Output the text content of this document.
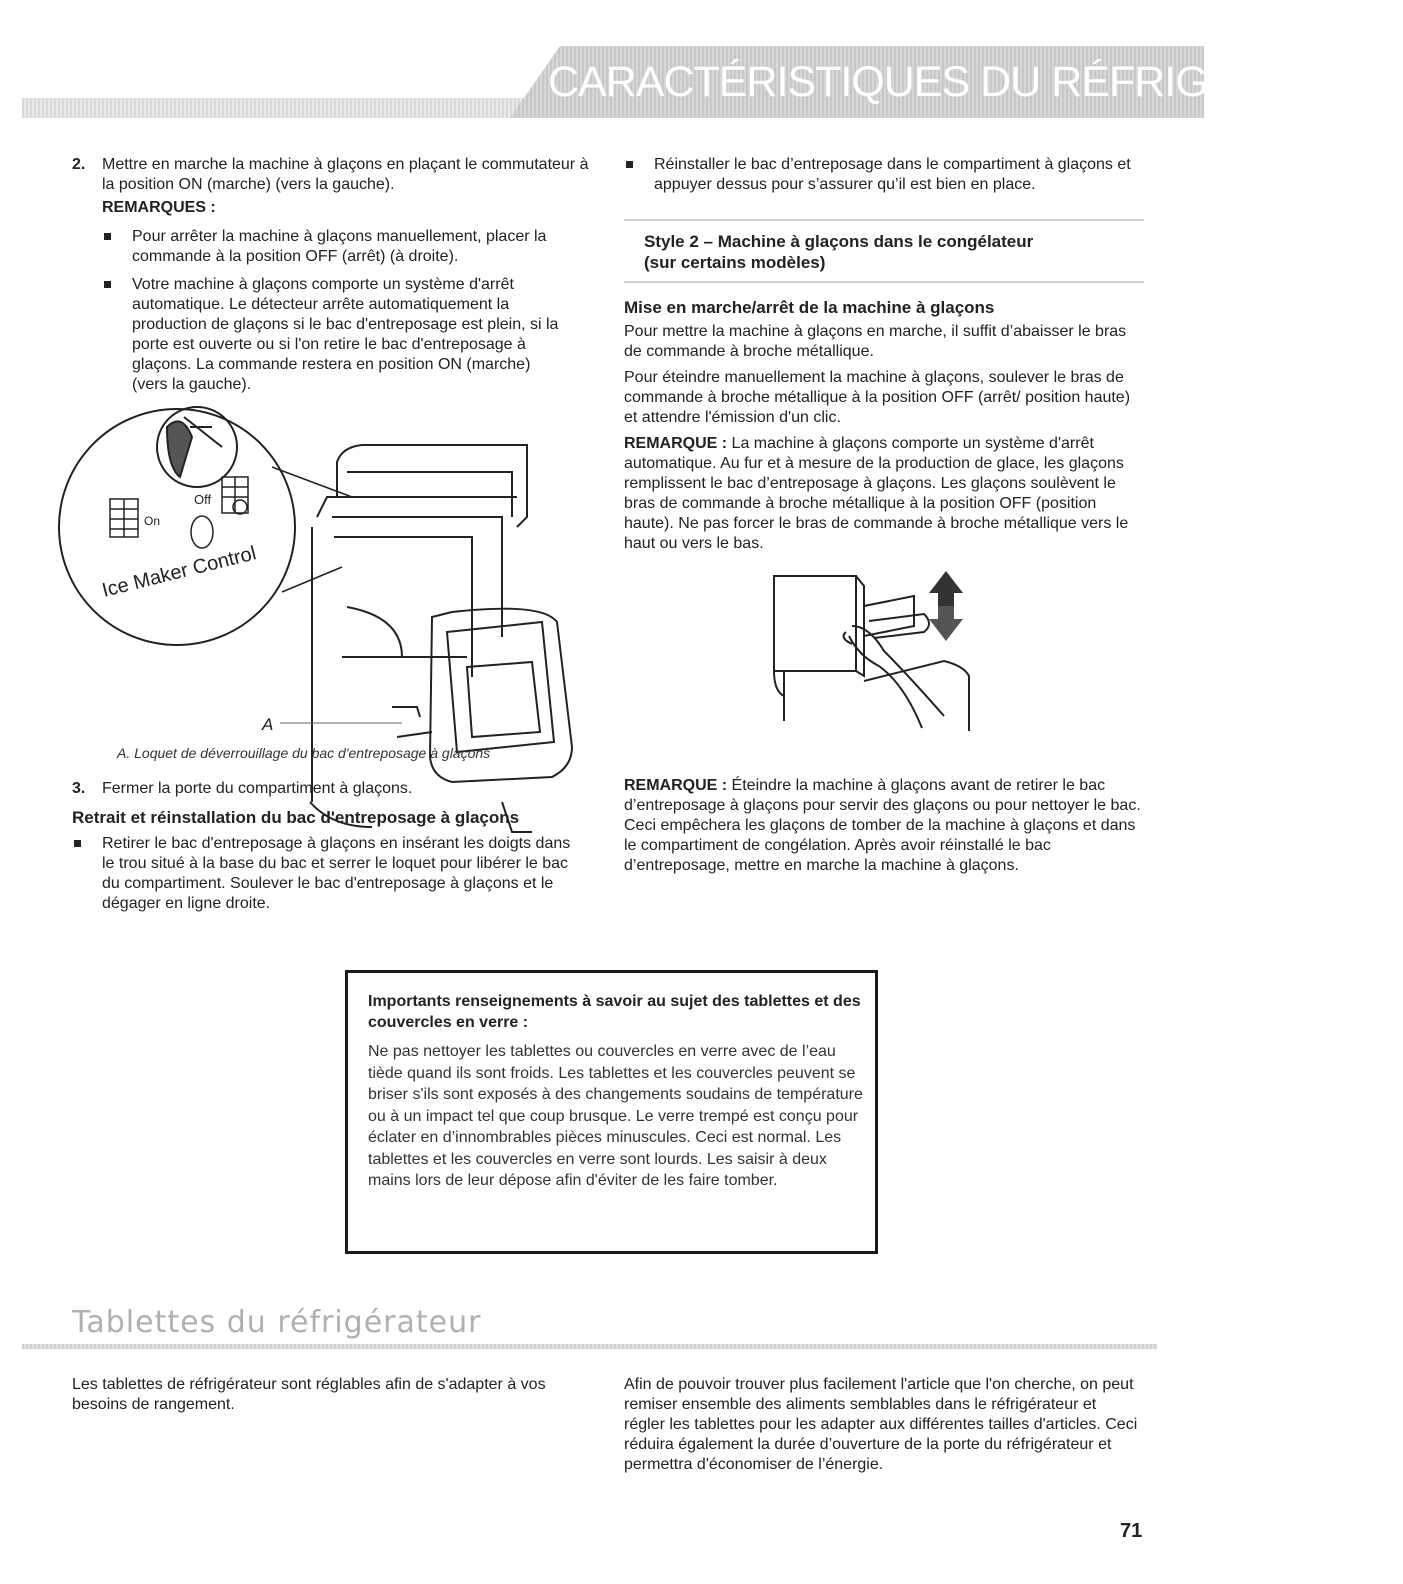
CARACTÉRISTIQUES DU RÉFRIGÉRATEUR
2. Mettre en marche la machine à glaçons en plaçant le commutateur à la position ON (marche) (vers la gauche).
REMARQUES :
Pour arrêter la machine à glaçons manuellement, placer la commande à la position OFF (arrêt) (à droite).
Votre machine à glaçons comporte un système d'arrêt automatique. Le détecteur arrête automatiquement la production de glaçons si le bac d'entreposage est plein, si la porte est ouverte ou si l'on retire le bac d'entreposage à glaçons. La commande restera en position ON (marche) (vers la gauche).
A
On
Off
Ice Maker Control
A. Loquet de déverrouillage du bac d'entreposage à glaçons
3. Fermer la porte du compartiment à glaçons.
Retrait et réinstallation du bac d'entreposage à glaçons
Retirer le bac d'entreposage à glaçons en insérant les doigts dans le trou situé à la base du bac et serrer le loquet pour libérer le bac du compartiment. Soulever le bac d'entreposage à glaçons et le dégager en ligne droite.
Réinstaller le bac d’entreposage dans le compartiment à glaçons et appuyer dessus pour s’assurer qu’il est bien en place.
Style 2 – Machine à glaçons dans le congélateur
(sur certains modèles)
Mise en marche/arrêt de la machine à glaçons

Pour mettre la machine à glaçons en marche, il suffit d’abaisser le bras de commande à broche métallique.

Pour éteindre manuellement la machine à glaçons, soulever le bras de commande à broche métallique à la position OFF (arrêt/ position haute) et attendre l'émission d'un clic.

REMARQUE : La machine à glaçons comporte un système d'arrêt automatique. Au fur et à mesure de la production de glace, les glaçons remplissent le bac d’entreposage à glaçons. Les glaçons soulèvent le bras de commande à broche métallique à la position OFF (position haute). Ne pas forcer le bras de commande à broche métallique vers le haut ou vers le bas.

REMARQUE : Éteindre la machine à glaçons avant de retirer le bac d’entreposage à glaçons pour servir des glaçons ou pour nettoyer le bac. Ceci empêchera les glaçons de tomber de la machine à glaçons et dans le compartiment de congélation. Après avoir réinstallé le bac d’entreposage, mettre en marche la machine à glaçons.

Importants renseignements à savoir au sujet des tablettes et des couvercles en verre :
Ne pas nettoyer les tablettes ou couvercles en verre avec de l’eau tiède quand ils sont froids. Les tablettes et les couvercles peuvent se briser s'ils sont exposés à des changements soudains de température ou à un impact tel que coup brusque. Le verre trempé est conçu pour éclater en d’innombrables pièces minuscules. Ceci est normal. Les tablettes et les couvercles en verre sont lourds. Les saisir à deux mains lors de leur dépose afin d'éviter de les faire tomber.
Tablettes du réfrigérateur

Les tablettes de réfrigérateur sont réglables afin de s'adapter à vos besoins de rangement.

Afin de pouvoir trouver plus facilement l'article que l'on cherche, on peut remiser ensemble des aliments semblables dans le réfrigérateur et régler les tablettes pour les adapter aux différentes tailles d'articles. Ceci réduira également la durée d’ouverture de la porte du réfrigérateur et permettra d'économiser de l’énergie.

71
